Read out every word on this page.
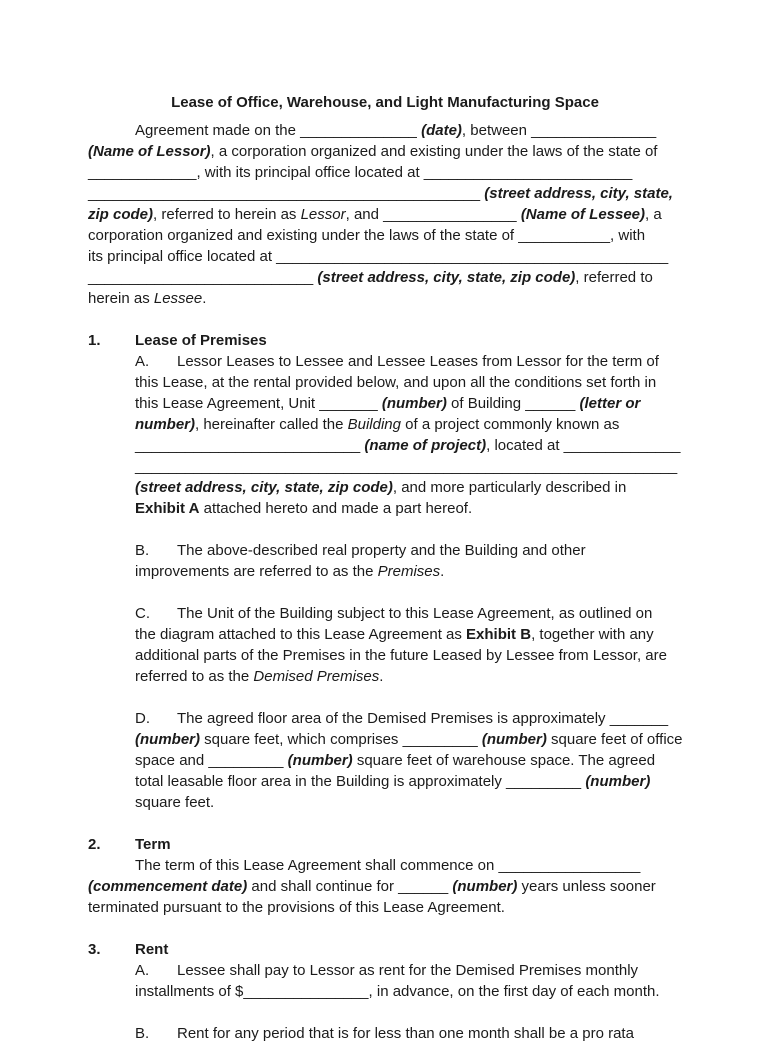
Lease of Office, Warehouse, and Light Manufacturing Space
Agreement made on the ______________ (date), between _______________
(Name of Lessor), a corporation organized and existing under the laws of the state of
_____________, with its principal office located at _________________________
_______________________________________________ (street address, city, state,
zip code), referred to herein as Lessor, and ________________ (Name of Lessee), a
corporation organized and existing under the laws of the state of ___________, with
its principal office located at _______________________________________________
___________________________ (street address, city, state, zip code), referred to
herein as Lessee.
1. Lease of Premises
A. Lessor Leases to Lessee and Lessee Leases from Lessor for the term of
this Lease, at the rental provided below, and upon all the conditions set forth in
this Lease Agreement, Unit _______ (number) of Building ______ (letter or
number), hereinafter called the Building of a project commonly known as
___________________________ (name of project), located at ______________
_________________________________________________________________
(street address, city, state, zip code), and more particularly described in
Exhibit A attached hereto and made a part hereof.
B. The above-described real property and the Building and other
improvements are referred to as the Premises.
C. The Unit of the Building subject to this Lease Agreement, as outlined on
the diagram attached to this Lease Agreement as Exhibit B, together with any
additional parts of the Premises in the future Leased by Lessee from Lessor, are
referred to as the Demised Premises.
D. The agreed floor area of the Demised Premises is approximately _______
(number) square feet, which comprises _________ (number) square feet of office
space and _________ (number) square feet of warehouse space. The agreed
total leasable floor area in the Building is approximately _________ (number)
square feet.
2. Term
The term of this Lease Agreement shall commence on _________________
(commencement date) and shall continue for ______ (number) years unless sooner
terminated pursuant to the provisions of this Lease Agreement.
3. Rent
A. Lessee shall pay to Lessor as rent for the Demised Premises monthly
installments of $_______________, in advance, on the first day of each month.
B. Rent for any period that is for less than one month shall be a pro rata
